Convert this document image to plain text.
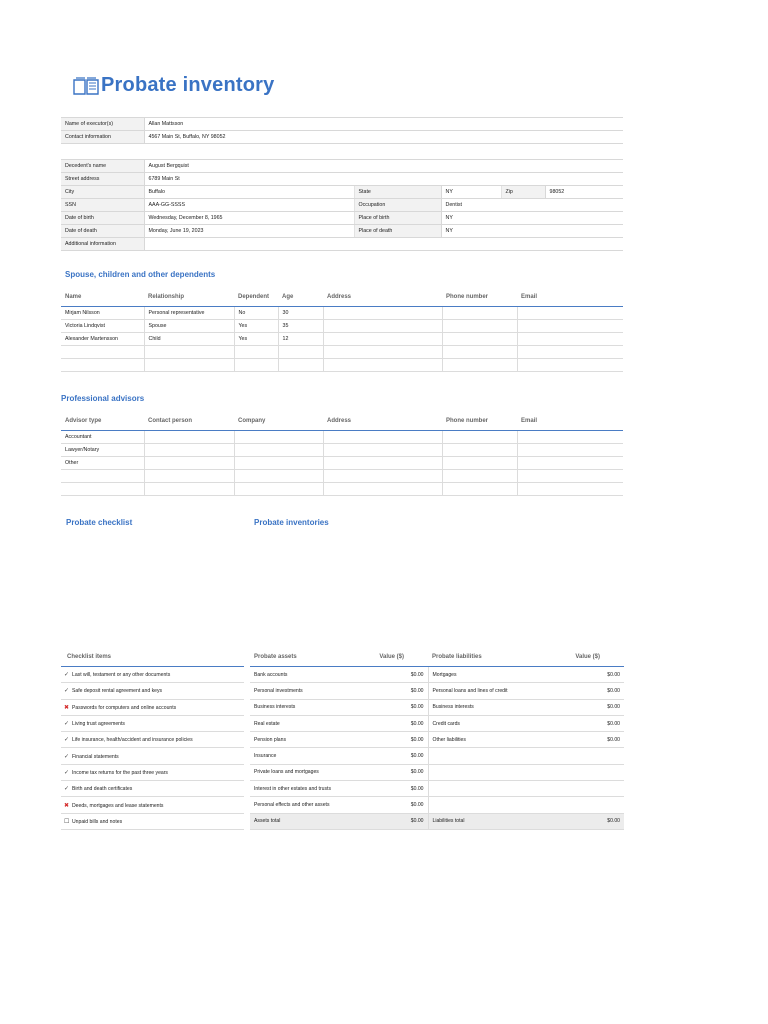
Probate inventory
Name of executor(s)	Allan Mattsson
Contact information	4567 Main St, Buffalo, NY 98052
Decedent's name	August Bergquist				
Street address	6789 Main St				
City	Buffalo	State	NY	Zip	98052
SSN	AAA-GG-SSSS	Occupation	Dentist		
Date of birth	Wednesday, December 8, 1965	Place of birth	NY		
Date of death	Monday, June 19, 2023	Place of death	NY		
Additional information					
Spouse, children and other dependents
Name	Relationship	Dependent	Age	Address	Phone number	Email
Mirjam Nilsson	Personal representative	No	30			
Victoria Lindqvist	Spouse	Yes	35			
Alexander Martensson	Child	Yes	12			

Professional advisors
Advisor type	Contact person	Company	Address	Phone number	Email
Accountant					
Lawyer/Notary					
Other					

Probate checklist	Probate inventories
Checklist items
✓ Last will, testament or any other documents
✓ Safe deposit rental agreement and keys
✖ Passwords for computers and online accounts
✓ Living trust agreements
✓ Life insurance, health/accident and insurance policies
✓ Financial statements
✓ Income tax returns for the past three years
✓ Birth and death certificates
✖ Deeds, mortgages and lease statements
☐ Unpaid bills and notes
Probate assets	Value ($)	Probate liabilities	Value ($)
Bank accounts	$0.00	Mortgages	$0.00
Personal investments	$0.00	Personal loans and lines of credit	$0.00
Business interests	$0.00	Business interests	$0.00
Real estate	$0.00	Credit cards	$0.00
Pension plans	$0.00	Other liabilities	$0.00
Insurance	$0.00		
Private loans and mortgages	$0.00		
Interest in other estates and trusts	$0.00		
Personal effects and other assets	$0.00		
Assets total	$0.00	Liabilities total	$0.00
